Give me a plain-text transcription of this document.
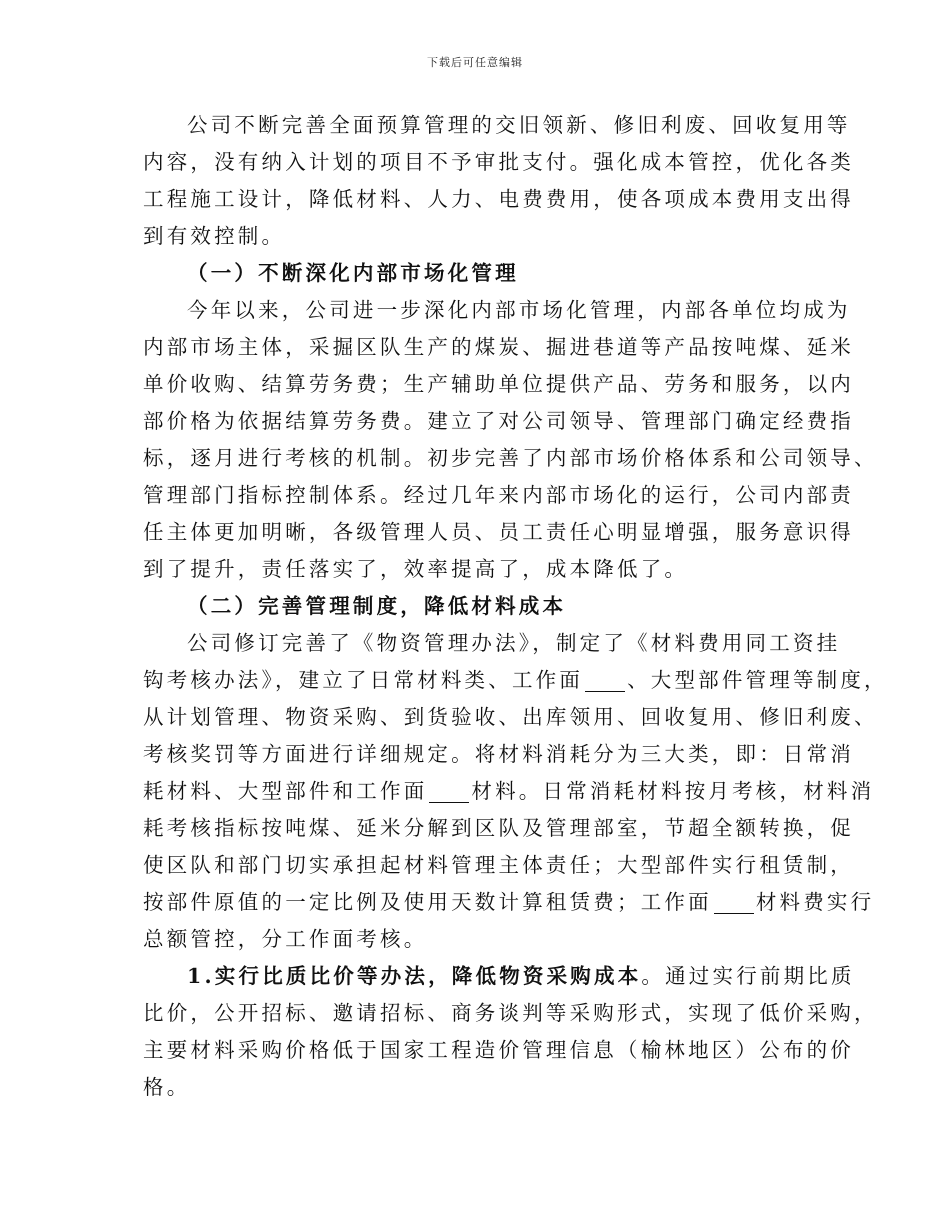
下载后可任意编辑

公司不断完善全面预算管理的交旧领新、修旧利废、回收复用等

内容，没有纳入计划的项目不予审批支付。强化成本管控，优化各类

工程施工设计，降低材料、人力、电费费用，使各项成本费用支出得

到有效控制。

（一）不断深化内部市场化管理

今年以来，公司进一步深化内部市场化管理，内部各单位均成为

内部市场主体，采掘区队生产的煤炭、掘进巷道等产品按吨煤、延米

单价收购、结算劳务费；生产辅助单位提供产品、劳务和服务，以内

部价格为依据结算劳务费。建立了对公司领导、管理部门确定经费指

标，逐月进行考核的机制。初步完善了内部市场价格体系和公司领导、

管理部门指标控制体系。经过几年来内部市场化的运行，公司内部责

任主体更加明晰，各级管理人员、员工责任心明显增强，服务意识得

到了提升，责任落实了，效率提高了，成本降低了。

（二）完善管理制度，降低材料成本

公司修订完善了《物资管理办法》，制定了《材料费用同工资挂

钩考核办法》，建立了日常材料类、工作面 、大型部件管理等制度，

从计划管理、物资采购、到货验收、出库领用、回收复用、修旧利废、

考核奖罚等方面进行详细规定。将材料消耗分为三大类，即：日常消

耗材料、大型部件和工作面 材料。日常消耗材料按月考核，材料消

耗考核指标按吨煤、延米分解到区队及管理部室，节超全额转换，促

使区队和部门切实承担起材料管理主体责任；大型部件实行租赁制，

按部件原值的一定比例及使用天数计算租赁费；工作面 材料费实行

总额管控，分工作面考核。

1.实行比质比价等办法，降低物资采购成本。通过实行前期比质

比价，公开招标、邀请招标、商务谈判等采购形式，实现了低价采购，

主要材料采购价格低于国家工程造价管理信息（榆林地区）公布的价

格。
